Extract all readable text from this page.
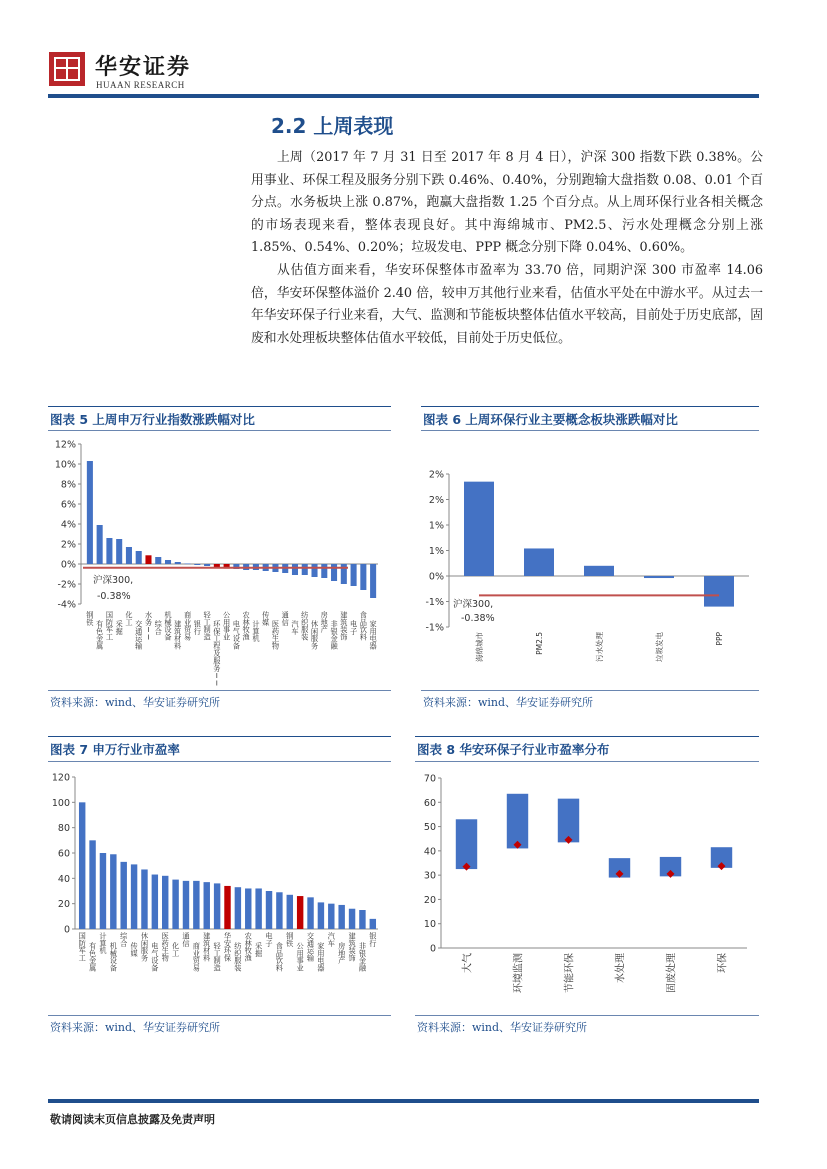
华安证券
HUAAN RESEARCH
2.2 上周表现

上周（2017 年 7 月 31 日至 2017 年 8 月 4 日），沪深 300 指数下跌 0.38%。公用事业、环保工程及服务分别下跌 0.46%、0.40%，分别跑输大盘指数 0.08、0.01 个百分点。水务板块上涨 0.87%，跑赢大盘指数 1.25 个百分点。从上周环保行业各相关概念的市场表现来看，整体表现良好。其中海绵城市、PM2.5、污水处理概念分别上涨 1.85%、0.54%、0.20%；垃圾发电、PPP 概念分别下降 0.04%、0.60%。

从估值方面来看，华安环保整体市盈率为 33.70 倍，同期沪深 300 市盈率 14.06 倍，华安环保整体溢价 2.40 倍，较申万其他行业来看，估值水平处在中游水平。从过去一年华安环保子行业来看，大气、监测和节能板块整体估值水平较高，目前处于历史底部，固废和水处理板块整体估值水平较低，目前处于历史低位。

图表 5 上周申万行业指数涨跌幅对比
12%
10%
8%
6%
4%
2%
0%
-2%
-4%
钢铁 有色金属
国防军工
采掘
化工 交通运输
水务 I I
综合
机械设备
建筑材料
商业贸易
银行
轻工制造
环保工程及服务 I I
公用事业
电气设备
农林牧渔
计算机
传媒 医药生物
通信 汽车
纺织服装
休闲服务
房地产
非银金融
建筑装饰
电子
食品饮料
家用电器
沪深300,
-0.38%
资料来源：wind、华安证券研究所
图表 6 上周环保行业主要概念板块涨跌幅对比
2%
2%
1%
1%
0%
-1%
-1%
海绵城市	PM2.5	污水处理	垃圾发电	PPP
沪深300,
-0.38%
资料来源：wind、华安证券研究所
图表 7 申万行业市盈率
120
100
80
60
40
20
0
国防军工
有色金属
计算机
机械设备
综合 传媒
休闲服务
电气设备
医药生物
化工
通信 商业贸易
建筑材料
轻工制造
华安环保
纺织服装
农林牧渔
采掘
电子 食品饮料
钢铁 公用事业
交通运输
家用电器
汽车 房地产
建筑装饰
非银金融
银行
资料来源：wind、华安证券研究所
图表 8 华安环保子行业市盈率分布
70
60
50
40
30
20
10
0
大气	环境监测	节能环保	水处理	固废处理	环保
资料来源：wind、华安证券研究所
敬请阅读末页信息披露及免责声明
